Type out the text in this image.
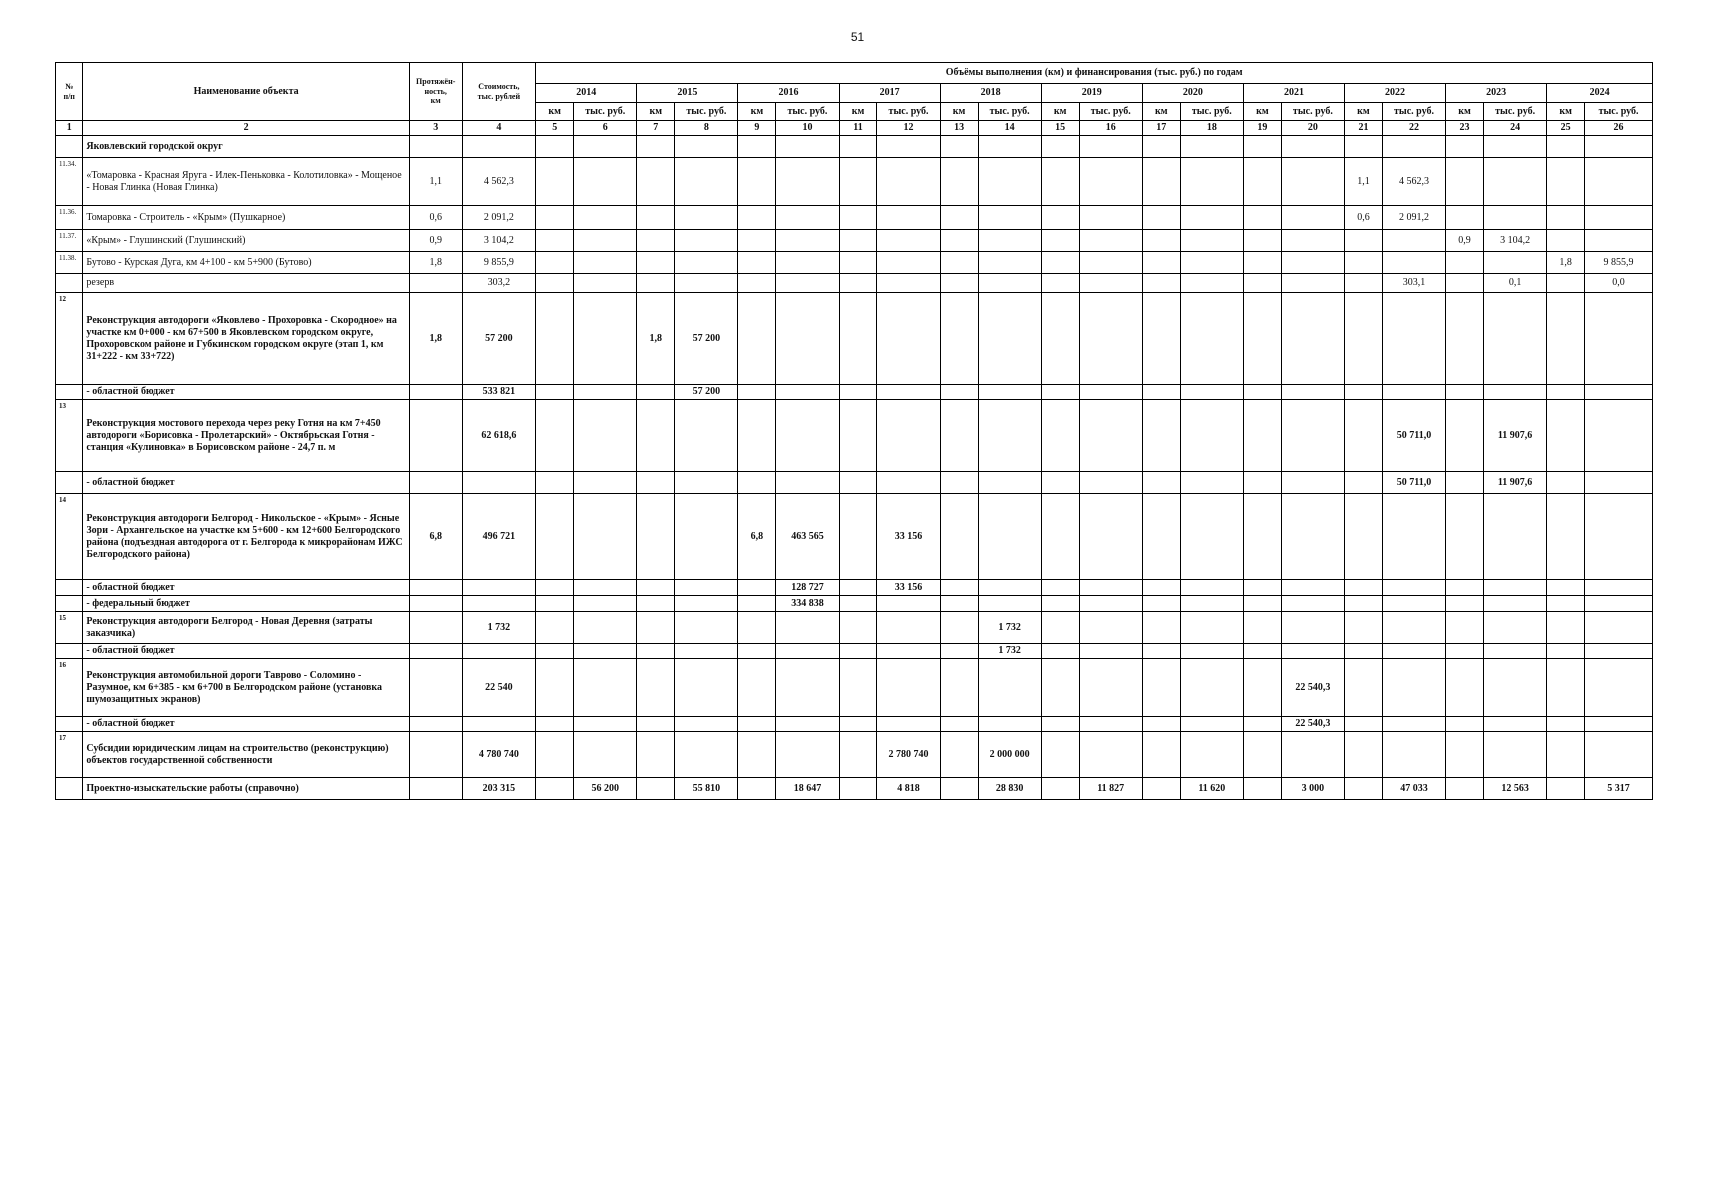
51
№
п/п	Наименование объекта	Протяжён-
ность,
км	Стоимость,
тыс. рублей	Объёмы выполнения (км) и финансирования (тыс. руб.) по годам																					
				2014		2015		2016		2017		2018		2019		2020		2021		2022		2023		2024	
				км	тыс. руб.	км	тыс. руб.	км	тыс. руб.	км	тыс. руб.	км	тыс. руб.	км	тыс. руб.	км	тыс. руб.	км	тыс. руб.	км	тыс. руб.	км	тыс. руб.	км	тыс. руб.
1	2	3	4	5	6	7	8	9	10	11	12	13	14	15	16	17	18	19	20	21	22	23	24	25	26
	Яковлевский городской округ																								
11.34.	«Томаровка - Красная Яруга - Илек-Пеньковка - Колотиловка» - Мощеное - Новая Глинка (Новая Глинка)	1,1	4 562,3																	1,1	4 562,3				
11.36.	Томаровка - Строитель - «Крым» (Пушкарное)	0,6	2 091,2																	0,6	2 091,2				
11.37.	«Крым» - Глушинский (Глушинский)	0,9	3 104,2																			0,9	3 104,2		
11.38.	Бутово - Курская Дуга, км 4+100 - км 5+900 (Бутово)	1,8	9 855,9																					1,8	9 855,9
	резерв		303,2																		303,1		0,1		0,0
12	Реконструкция автодороги «Яковлево - Прохоровка - Скородное» на участке км 0+000 - км 67+500 в Яковлевском городском округе, Прохоровском районе и Губкинском городском округе (этап 1, км 31+222 - км 33+722)	1,8	57 200			1,8	57 200																		
	- областной бюджет		533 821				57 200																		
13	Реконструкция мостового перехода через реку Готня на км 7+450 автодороги «Борисовка - Пролетарский» - Октябрьская Готня - станция «Кулиновка» в Борисовском районе - 24,7 п. м		62 618,6																		50 711,0		11 907,6		
	- областной бюджет																				50 711,0		11 907,6		
14	Реконструкция автодороги Белгород - Никольское - «Крым» - Ясные Зори - Архангельское на участке км 5+600 - км 12+600 Белгородского района (подъездная автодорога от г. Белгорода к микрорайонам ИЖС Белгородского района)	6,8	496 721					6,8	463 565		33 156														
	- областной бюджет								128 727		33 156														
	- федеральный бюджет								334 838																
15	Реконструкция автодороги Белгород - Новая Деревня (затраты заказчика)		1 732										1 732												
	- областной бюджет												1 732												
16	Реконструкция автомобильной дороги Таврово - Соломино - Разумное, км 6+385 - км 6+700 в Белгородском районе (установка шумозащитных экранов)		22 540																22 540,3						
	- областной бюджет																		22 540,3						
17	Субсидии юридическим лицам на строительство (реконструкцию) объектов государственной собственности		4 780 740								2 780 740		2 000 000												
	Проектно-изыскательские работы (справочно)		203 315		56 200		55 810		18 647		4 818		28 830		11 827		11 620		3 000		47 033		12 563		5 317
